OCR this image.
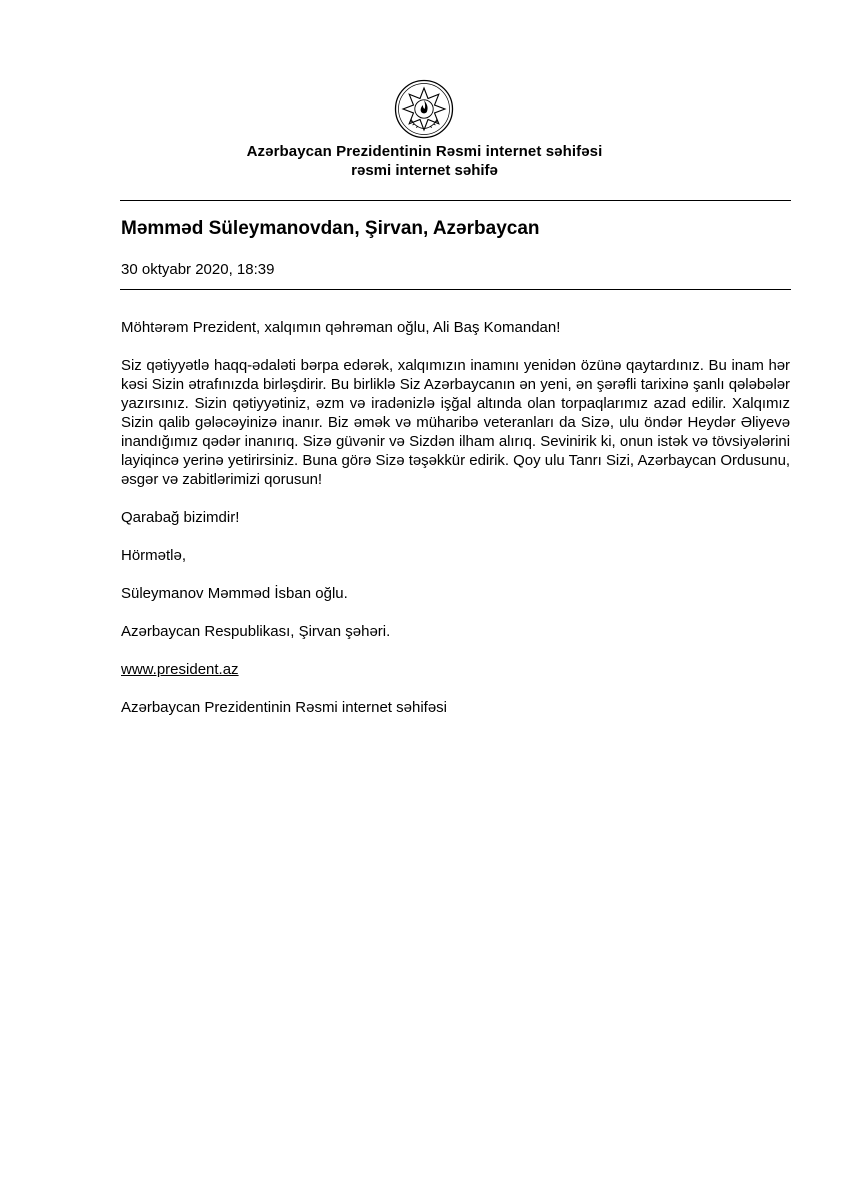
Azərbaycan Prezidentinin Rəsmi internet səhifəsi
rəsmi internet səhifə
Məmməd Süleymanovdan, Şirvan, Azərbaycan
30 oktyabr 2020, 18:39

Möhtərəm Prezident, xalqımın qəhrəman oğlu, Ali Baş Komandan!

Siz qətiyyətlə haqq-ədaləti bərpa edərək, xalqımızın inamını yenidən özünə qaytardınız. Bu inam hər kəsi Sizin ətrafınızda birləşdirir. Bu birliklə Siz Azərbaycanın ən yeni, ən şərəfli tarixinə şanlı qələbələr yazırsınız. Sizin qətiyyətiniz, əzm və iradənizlə işğal altında olan torpaqlarımız azad edilir. Xalqımız Sizin qalib gələcəyinizə inanır. Biz əmək və müharibə veteranları da Sizə, ulu öndər Heydər Əliyevə inandığımız qədər inanırıq. Sizə güvənir və Sizdən ilham alırıq. Sevinirik ki, onun istək və tövsiyələrini layiqincə yerinə yetirirsiniz. Buna görə Sizə təşəkkür edirik. Qoy ulu Tanrı Sizi, Azərbaycan Ordusunu, əsgər və zabitlərimizi qorusun!

Qarabağ bizimdir!

Hörmətlə,

Süleymanov Məmməd İsban oğlu.

Azərbaycan Respublikası, Şirvan şəhəri.

www.president.az

Azərbaycan Prezidentinin Rəsmi internet səhifəsi
